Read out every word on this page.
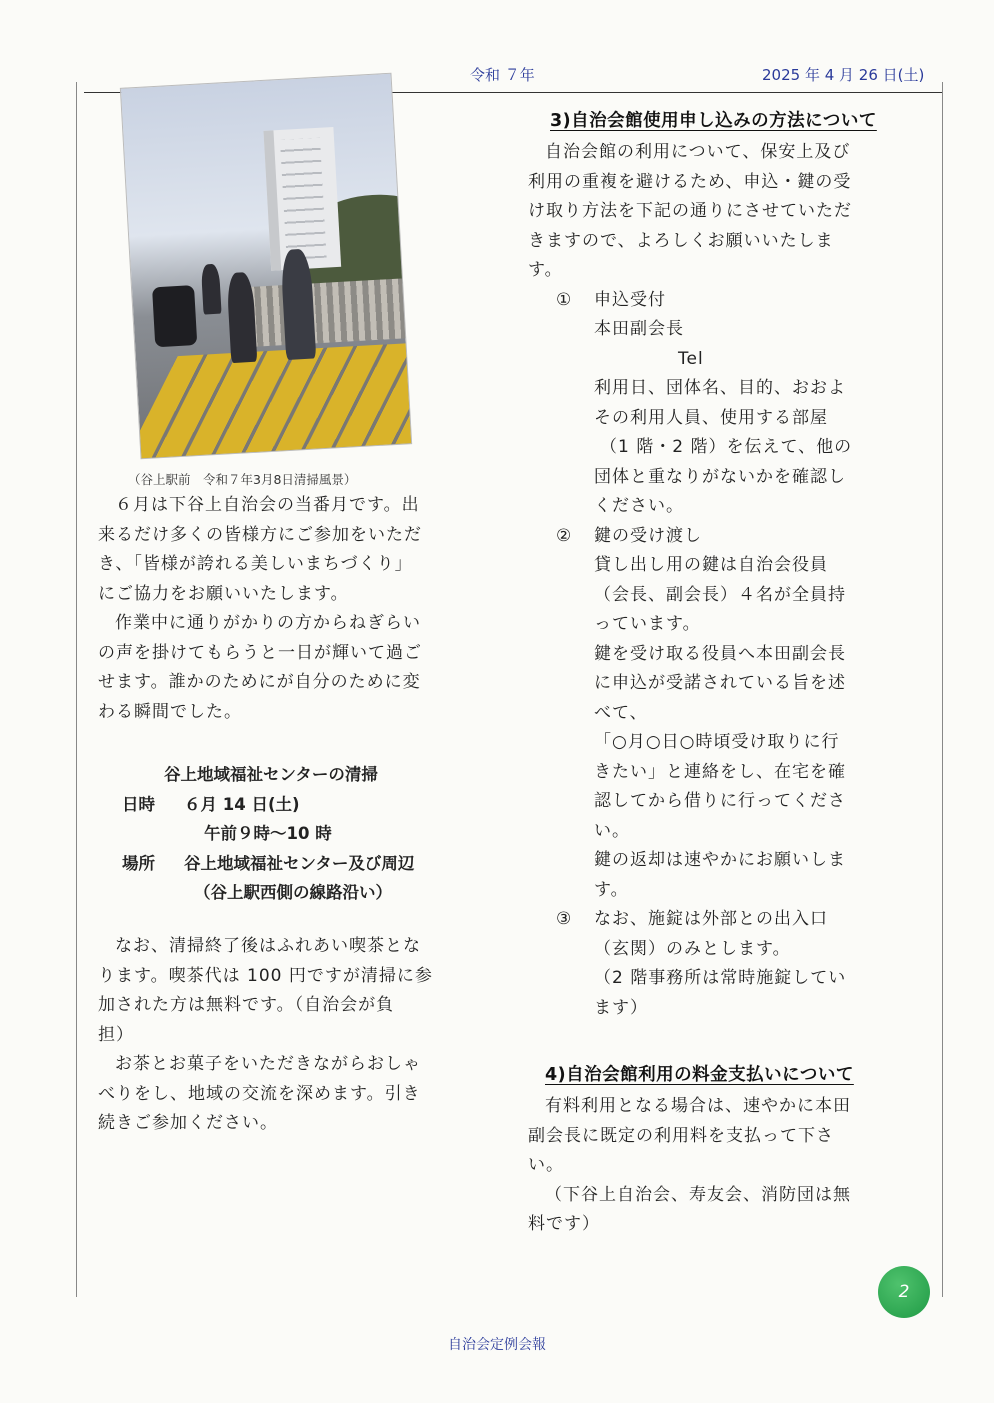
令和 ７年	2025 年 4 月 26 日(土)
（谷上駅前　令和７年3月8日清掃風景）

６月は下谷上自治会の当番月です。出

来るだけ多くの皆様方にご参加をいただ

き、「皆様が誇れる美しいまちづくり」

にご協力をお願いいたします。

作業中に通りがかりの方からねぎらい

の声を掛けてもらうと一日が輝いて過ご

せます。誰かのためにが自分のために変

わる瞬間でした。

谷上地域福祉センターの清掃
日時 ６月 14 日(土)
午前９時～10 時
場所 谷上地域福祉センター及び周辺
（谷上駅西側の線路沿い）

なお、清掃終了後はふれあい喫茶とな

ります。喫茶代は 100 円ですが清掃に参

加された方は無料です。（自治会が負

担）

お茶とお菓子をいただきながらおしゃ

べりをし、地域の交流を深めます。引き

続きご参加ください。

3)自治会館使用申し込みの方法について

自治会館の利用について、保安上及び

利用の重複を避けるため、申込・鍵の受

け取り方法を下記の通りにさせていただ

きますので、よろしくお願いいたしま

す。

① 申込受付

本田副会長

Tel

利用日、団体名、目的、おおよ

その利用人員、使用する部屋

（1 階・2 階）を伝えて、他の

団体と重なりがないかを確認し

ください。

② 鍵の受け渡し

貸し出し用の鍵は自治会役員

（会長、副会長）４名が全員持

っています。

鍵を受け取る役員へ本田副会長

に申込が受諾されている旨を述

べて、

「○月○日○時頃受け取りに行

きたい」と連絡をし、在宅を確

認してから借りに行ってくださ

い。

鍵の返却は速やかにお願いしま

す。

③ なお、施錠は外部との出入口

（玄関）のみとします。

（2 階事務所は常時施錠してい

ます）

4)自治会館利用の料金支払いについて

有料利用となる場合は、速やかに本田

副会長に既定の利用料を支払って下さ

い。

（下谷上自治会、寿友会、消防団は無

料です）

2
自治会定例会報
